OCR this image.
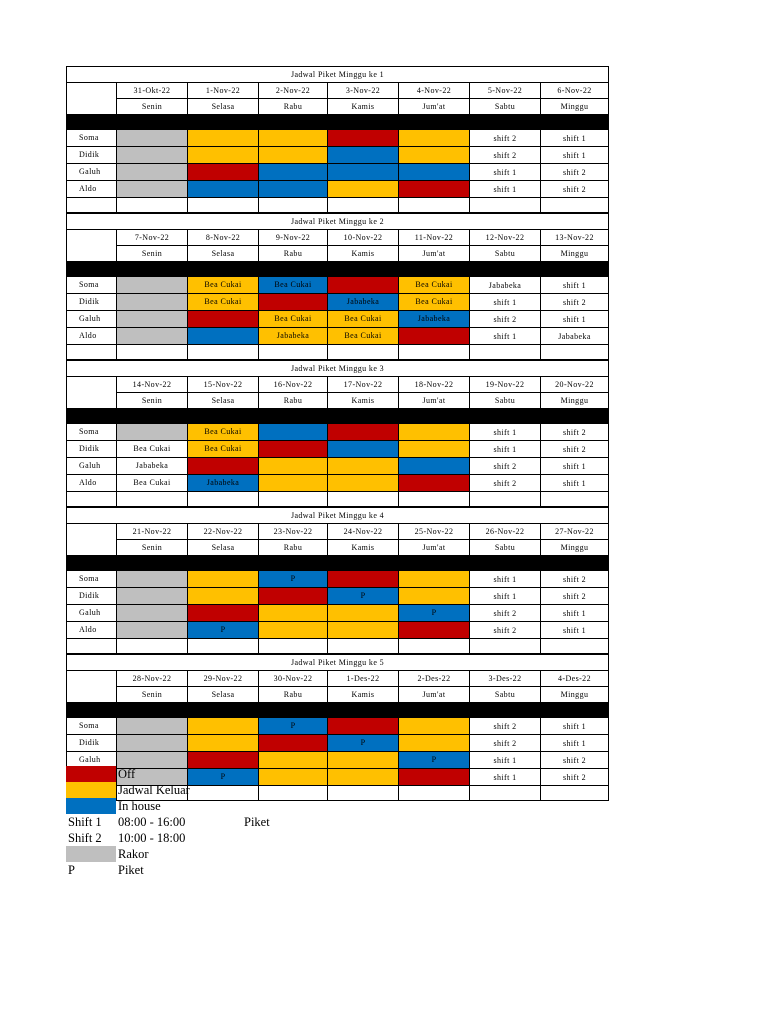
Jadwal Piket Minggu ke 1							
	31-Okt-22	1-Nov-22	2-Nov-22	3-Nov-22	4-Nov-22	5-Nov-22	6-Nov-22
	Senin	Selasa	Rabu	Kamis	Jum'at	Sabtu	Minggu

Soma						shift 2	shift 1
Didik						shift 2	shift 1
Galuh						shift 1	shift 2
Aldo						shift 1	shift 2

Jadwal Piket Minggu ke 2							
	7-Nov-22	8-Nov-22	9-Nov-22	10-Nov-22	11-Nov-22	12-Nov-22	13-Nov-22
	Senin	Selasa	Rabu	Kamis	Jum'at	Sabtu	Minggu

Soma		Bea Cukai	Bea Cukai		Bea Cukai	Jababeka	shift 1
Didik		Bea Cukai		Jababeka	Bea Cukai	shift 1	shift 2
Galuh			Bea Cukai	Bea Cukai	Jababeka	shift 2	shift 1
Aldo			Jababeka	Bea Cukai		shift 1	Jababeka

Jadwal Piket Minggu ke 3							
	14-Nov-22	15-Nov-22	16-Nov-22	17-Nov-22	18-Nov-22	19-Nov-22	20-Nov-22
	Senin	Selasa	Rabu	Kamis	Jum'at	Sabtu	Minggu

Soma		Bea Cukai				shift 1	shift 2
Didik	Bea Cukai	Bea Cukai				shift 1	shift 2
Galuh	Jababeka					shift 2	shift 1
Aldo	Bea Cukai	Jababeka				shift 2	shift 1

Jadwal Piket Minggu ke 4							
	21-Nov-22	22-Nov-22	23-Nov-22	24-Nov-22	25-Nov-22	26-Nov-22	27-Nov-22
	Senin	Selasa	Rabu	Kamis	Jum'at	Sabtu	Minggu

Soma			P			shift 1	shift 2
Didik				P		shift 1	shift 2
Galuh					P	shift 2	shift 1
Aldo		P				shift 2	shift 1

Jadwal Piket Minggu ke 5							
	28-Nov-22	29-Nov-22	30-Nov-22	1-Des-22	2-Des-22	3-Des-22	4-Des-22
	Senin	Selasa	Rabu	Kamis	Jum'at	Sabtu	Minggu

Soma			P			shift 2	shift 1
Didik				P		shift 2	shift 1
Galuh					P	shift 1	shift 2
		P				shift 1	shift 2

Off
Jadwal Keluar
In house
Shift 1 08:00 - 16:00	Piket
Shift 2 10:00 - 18:00
Rakor
P	Piket
